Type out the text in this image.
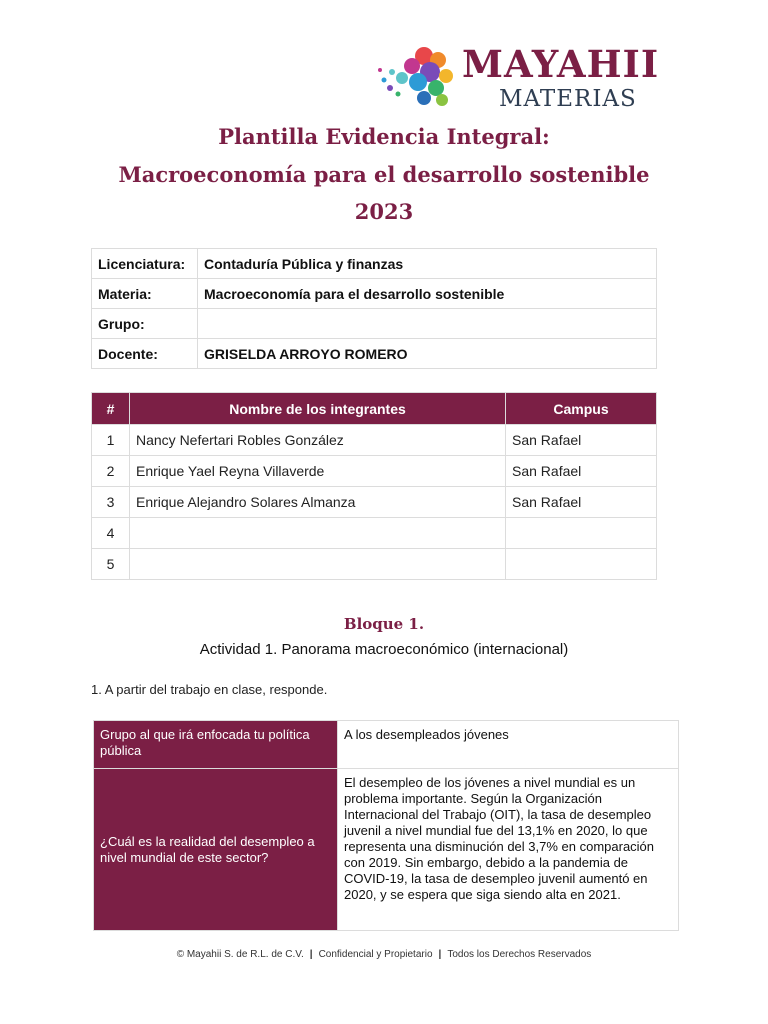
MAYAHII
MATERIAS
Plantilla Evidencia Integral:
Macroeconomía para el desarrollo sostenible
2023
Licenciatura:	Contaduría Pública y finanzas
Materia:	Macroeconomía para el desarrollo sostenible
Grupo:	
Docente:	GRISELDA ARROYO ROMERO
#	Nombre de los integrantes	Campus
1	Nancy Nefertari Robles González	San Rafael
2	Enrique Yael Reyna Villaverde	San Rafael
3	Enrique Alejandro Solares Almanza	San Rafael
4		
5		
Bloque 1.
Actividad 1. Panorama macroeconómico (internacional)
1. A partir del trabajo en clase, responde.
Grupo al que irá enfocada tu política pública	A los desempleados jóvenes
¿Cuál es la realidad del desempleo a nivel mundial de este sector?	El desempleo de los jóvenes a nivel mundial es un problema importante. Según la Organización Internacional del Trabajo (OIT), la tasa de desempleo juvenil a nivel mundial fue del 13,1% en 2020, lo que representa una disminución del 3,7% en comparación con 2019. Sin embargo, debido a la pandemia de COVID-19, la tasa de desempleo juvenil aumentó en 2020, y se espera que siga siendo alta en 2021.
© Mayahii S. de R.L. de C.V. | Confidencial y Propietario | Todos los Derechos Reservados
